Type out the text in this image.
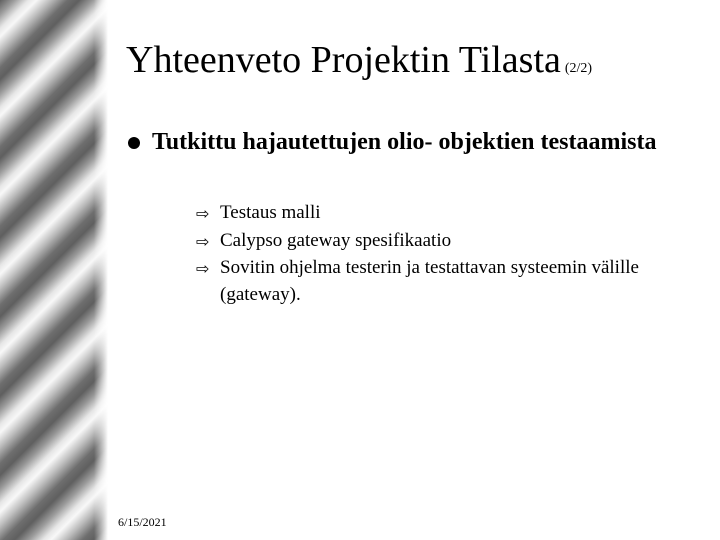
Yhteenveto Projektin Tilasta (2/2)
Tutkittu hajautettujen olio- objektien testaamista
⇨ Testaus malli
⇨ Calypso gateway spesifikaatio
⇨ Sovitin ohjelma testerin ja testattavan systeemin välille (gateway).
6/15/2021
